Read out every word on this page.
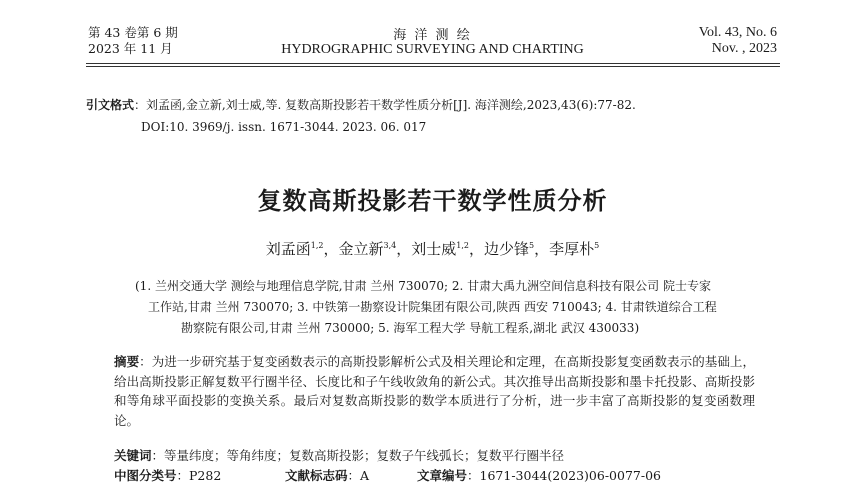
第 43 卷第 6 期
2023 年 11 月
海 洋 测 绘
HYDROGRAPHIC SURVEYING AND CHARTING
Vol. 43, No. 6
Nov. , 2023
引文格式：刘孟函,金立新,刘士威,等. 复数高斯投影若干数学性质分析[J]. 海洋测绘,2023,43(6):77-82.
DOI:10. 3969/j. issn. 1671-3044. 2023. 06. 017
复数高斯投影若干数学性质分析
刘孟函$^{1,2}$，金立新$^{3,4}$，刘士威$^{1,2}$，边少锋$^5$，李厚朴$^5$
(1. 兰州交通大学 测绘与地理信息学院,甘肃 兰州 730070; 2. 甘肃大禹九洲空间信息科技有限公司 院士专家
工作站,甘肃 兰州 730070; 3. 中铁第一勘察设计院集团有限公司,陕西 西安 710043; 4. 甘肃铁道综合工程
勘察院有限公司,甘肃 兰州 730000; 5. 海军工程大学 导航工程系,湖北 武汉 430033)
摘要：为进一步研究基于复变函数表示的高斯投影解析公式及相关理论和定理，在高斯投影复变函数表示的基础上，给出高斯投影正解复数平行圈半径、长度比和子午线收敛角的新公式。其次推导出高斯投影和墨卡托投影、高斯投影和等角球平面投影的变换关系。最后对复数高斯投影的数学本质进行了分析，进一步丰富了高斯投影的复变函数理论。
关键词：等量纬度；等角纬度；复数高斯投影；复数子午线弧长；复数平行圈半径
中图分类号：P282	文献标志码：A	文章编号：1671-3044(2023)06-0077-06
